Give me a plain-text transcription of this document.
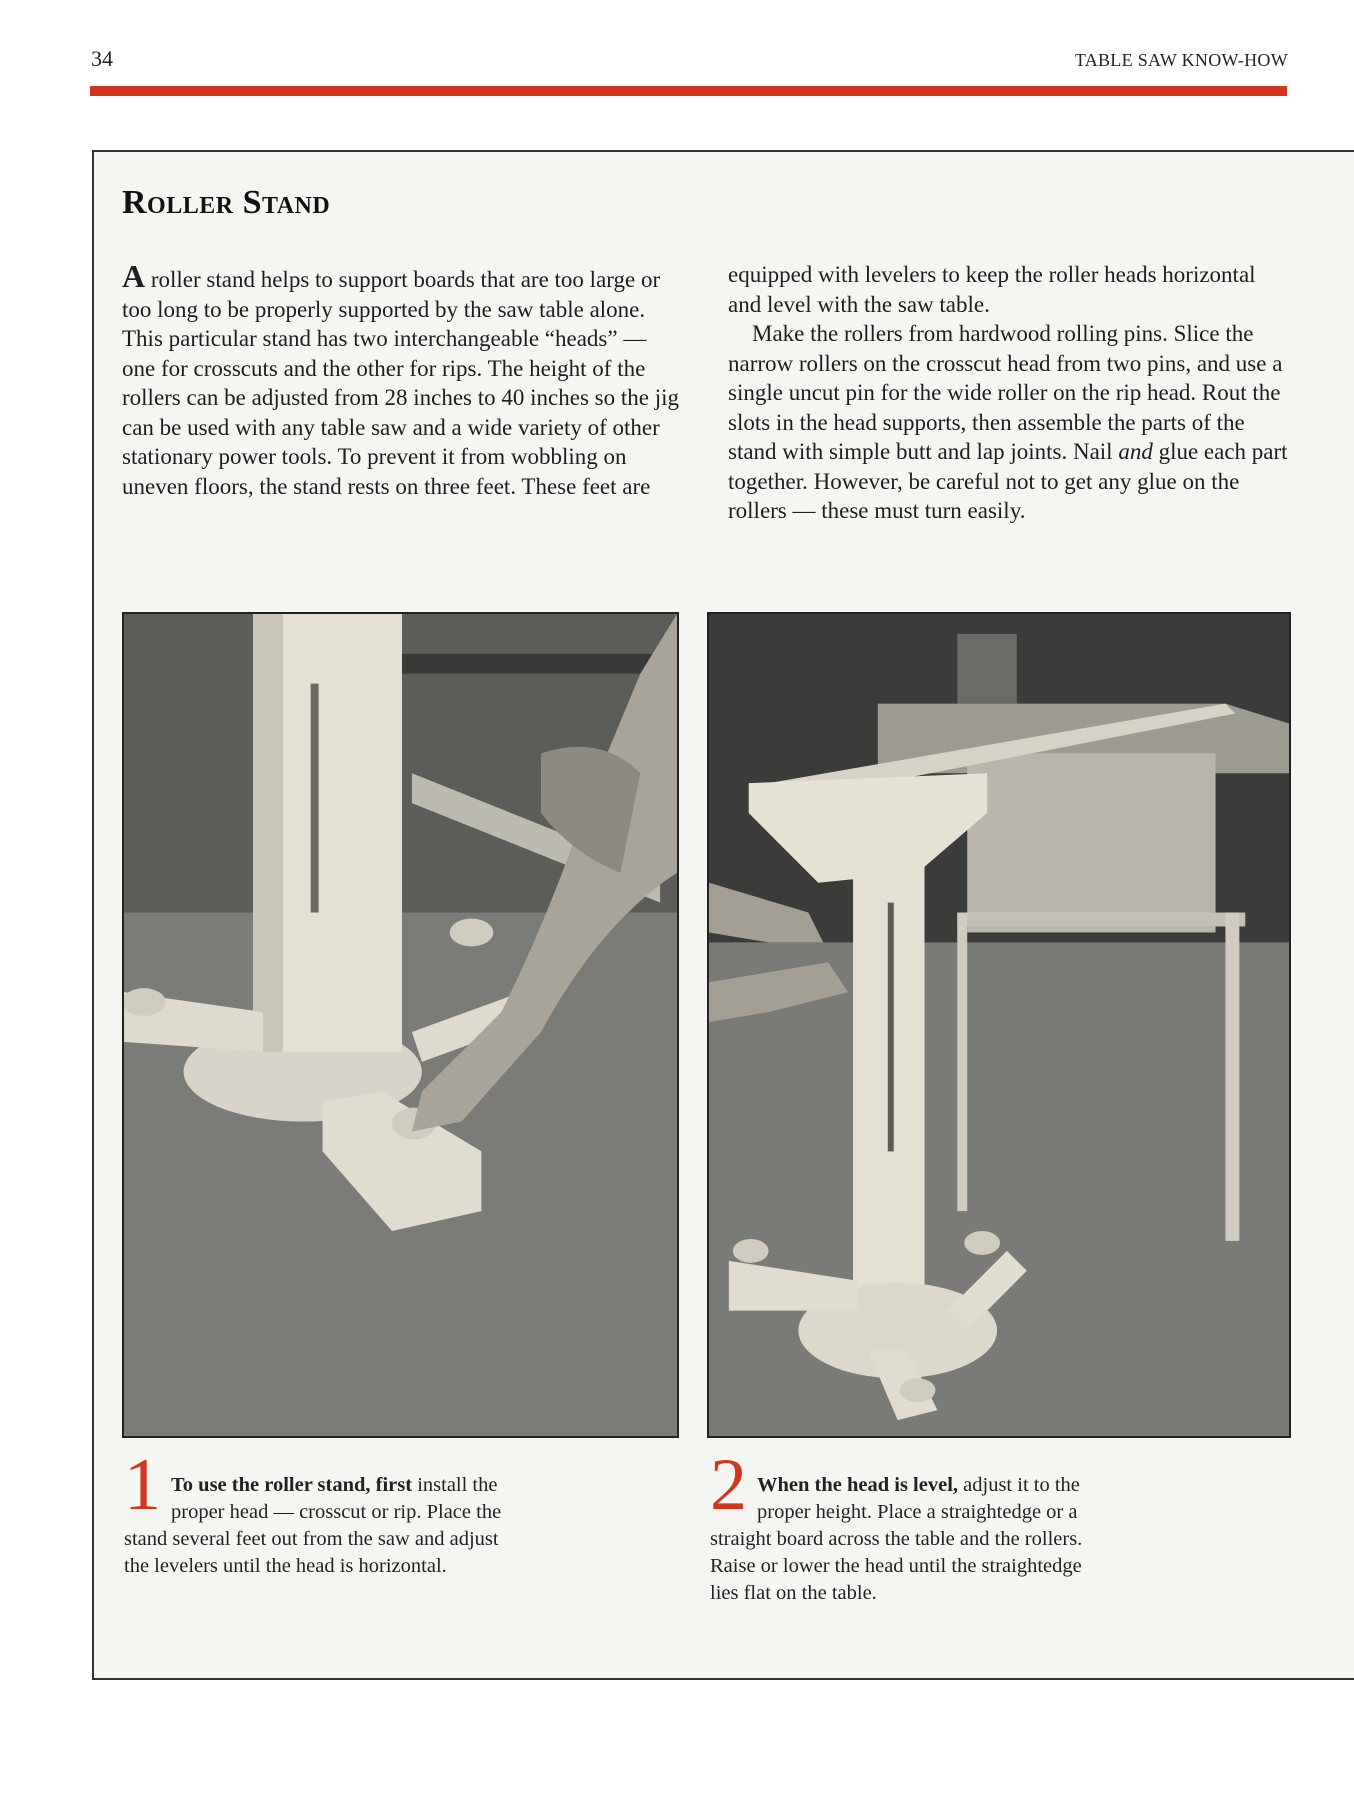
34	TABLE SAW KNOW-HOW
Roller Stand

A roller stand helps to support boards that are too large or too long to be properly supported by the saw table alone. This particular stand has two interchangeable “heads” — one for crosscuts and the other for rips. The height of the rollers can be adjusted from 28 inches to 40 inches so the jig can be used with any table saw and a wide variety of other stationary power tools. To prevent it from wobbling on uneven floors, the stand rests on three feet. These feet are equipped with levelers to keep the roller heads horizontal and level with the saw table.

Make the rollers from hardwood rolling pins. Slice the narrow rollers on the crosscut head from two pins, and use a single uncut pin for the wide roller on the rip head. Rout the slots in the head supports, then assemble the parts of the stand with simple butt and lap joints. Nail and glue each part together. However, be careful not to get any glue on the rollers — these must turn easily.

1 To use the roller stand, first install the proper head — crosscut or rip. Place the stand several feet out from the saw and adjust the levelers until the head is horizontal.
2 When the head is level, adjust it to the proper height. Place a straightedge or a straight board across the table and the rollers. Raise or lower the head until the straightedge lies flat on the table.
